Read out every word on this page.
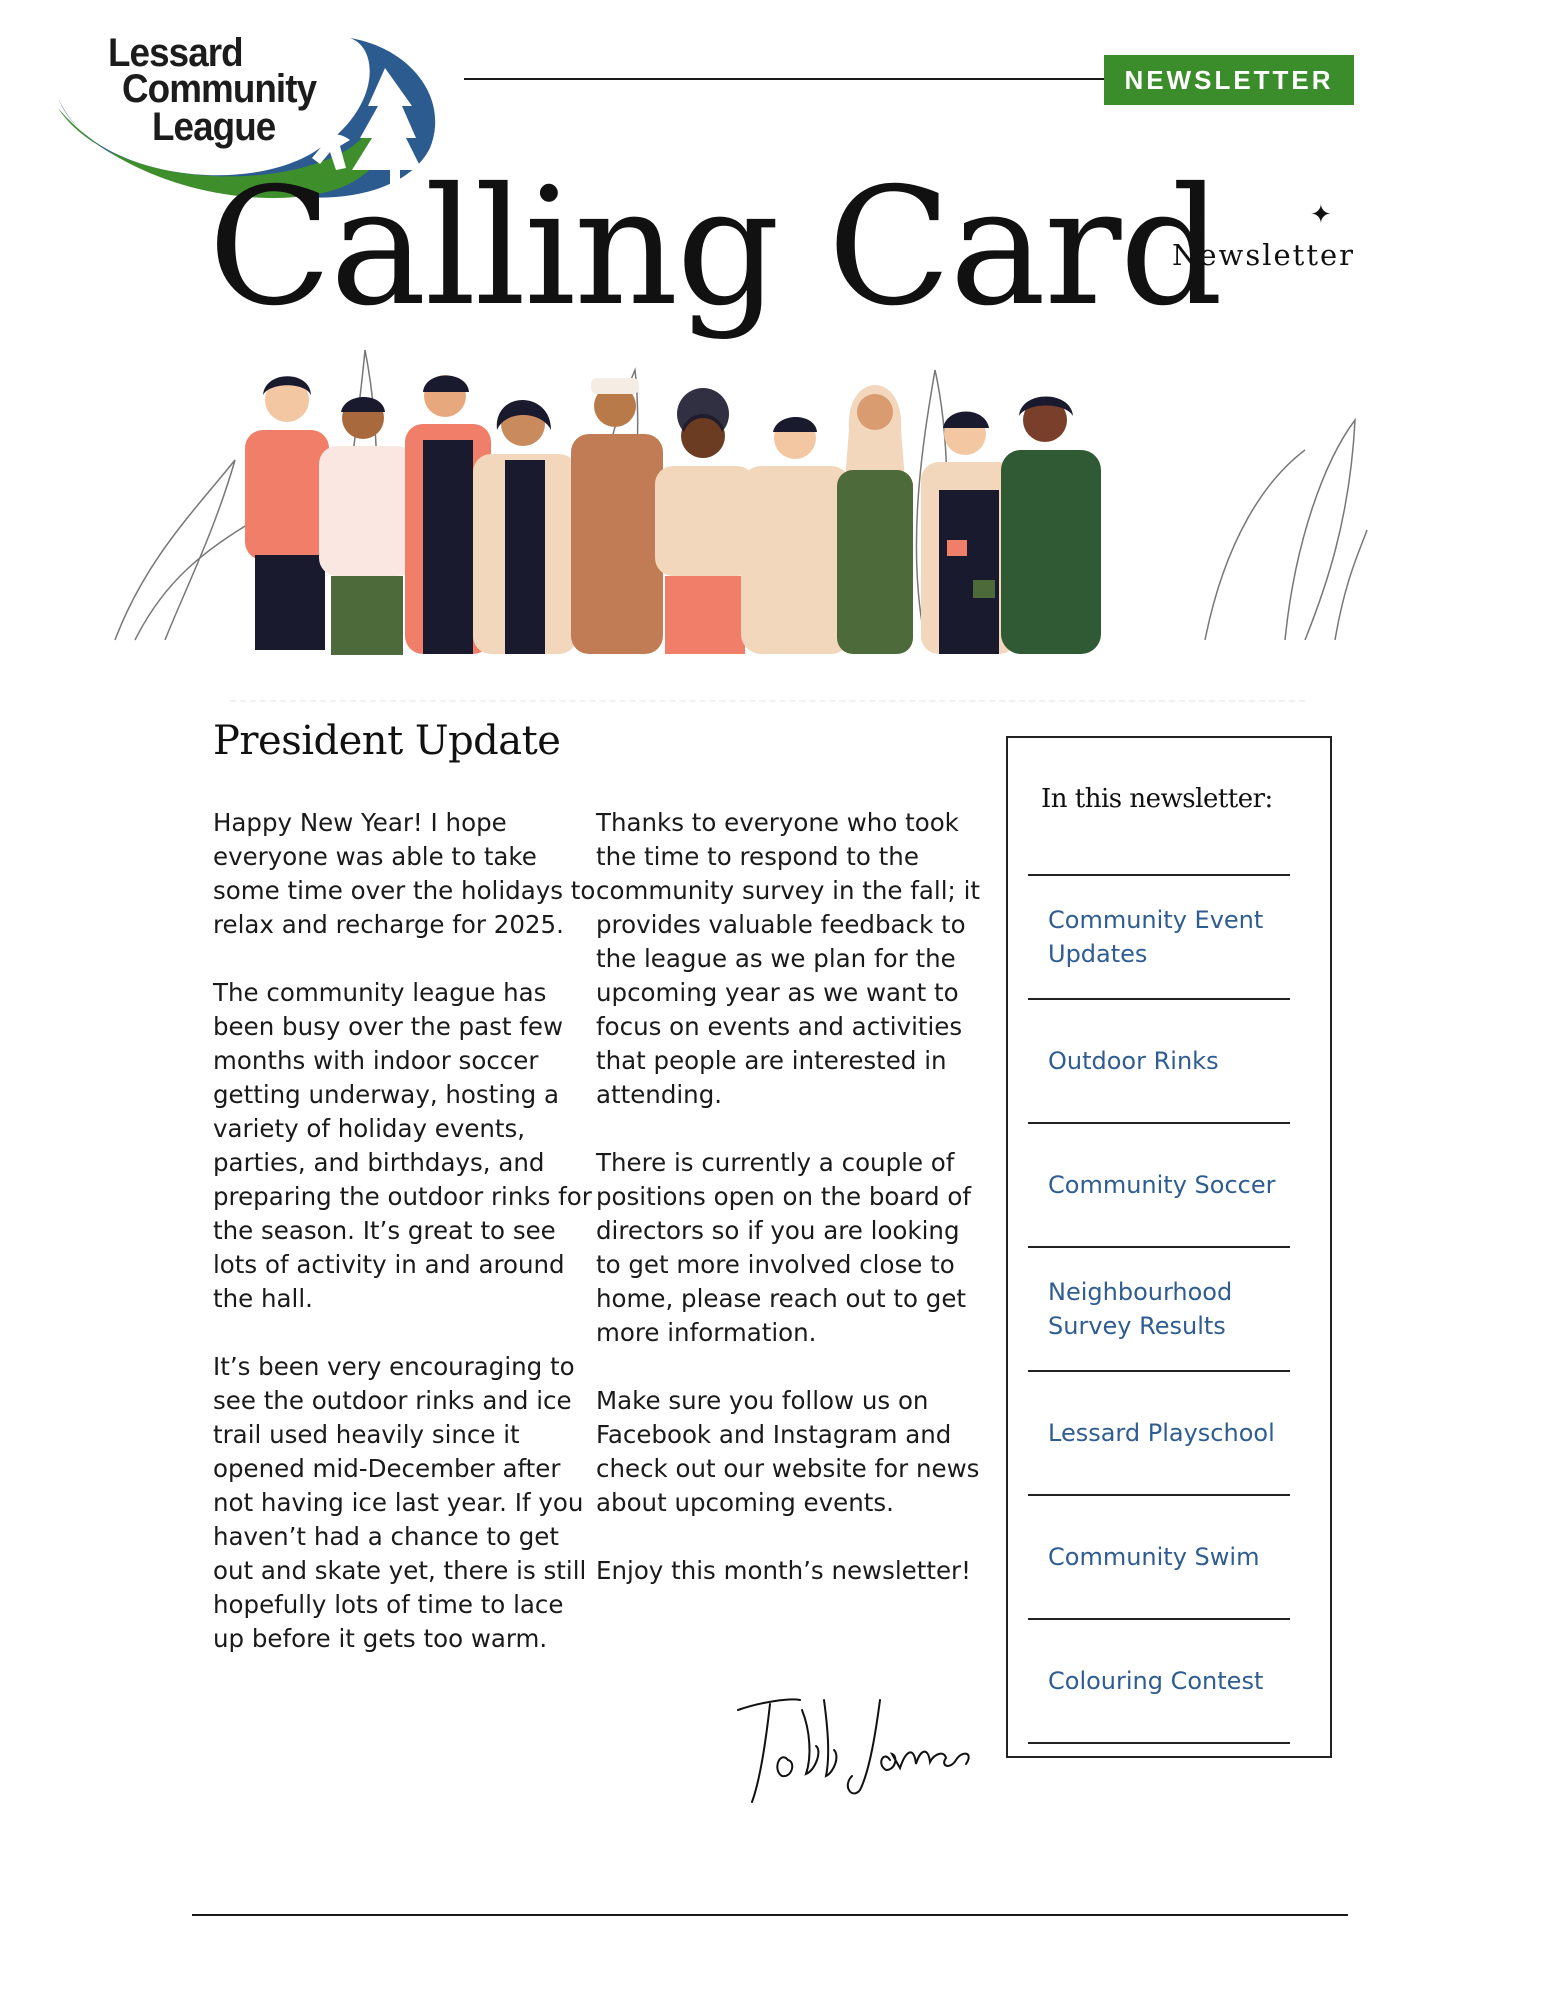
Lessard
Community
League
NEWSLETTER
Calling Card	✦
Newsletter
President Update

Happy New Year! I hope everyone was able to take some time over the holidays to relax and recharge for 2025.

The community league has been busy over the past few months with indoor soccer getting underway, hosting a variety of holiday events, parties, and birthdays, and preparing the outdoor rinks for the season. It’s great to see lots of activity in and around the hall.

It’s been very encouraging to see the outdoor rinks and ice trail used heavily since it opened mid-December after not having ice last year. If you haven’t had a chance to get out and skate yet, there is still hopefully lots of time to lace up before it gets too warm.

Thanks to everyone who took the time to respond to the community survey in the fall; it provides valuable feedback to the league as we plan for the upcoming year as we want to focus on events and activities that people are interested in attending.

There is currently a couple of positions open on the board of directors so if you are looking to get more involved close to home, please reach out to get more information.

Make sure you follow us on Facebook and Instagram and check out our website for news about upcoming events.

Enjoy this month’s newsletter!

In this newsletter:
Community Event Updates
Outdoor Rinks
Community Soccer
Neighbourhood Survey Results
Lessard Playschool
Community Swim
Colouring Contest
